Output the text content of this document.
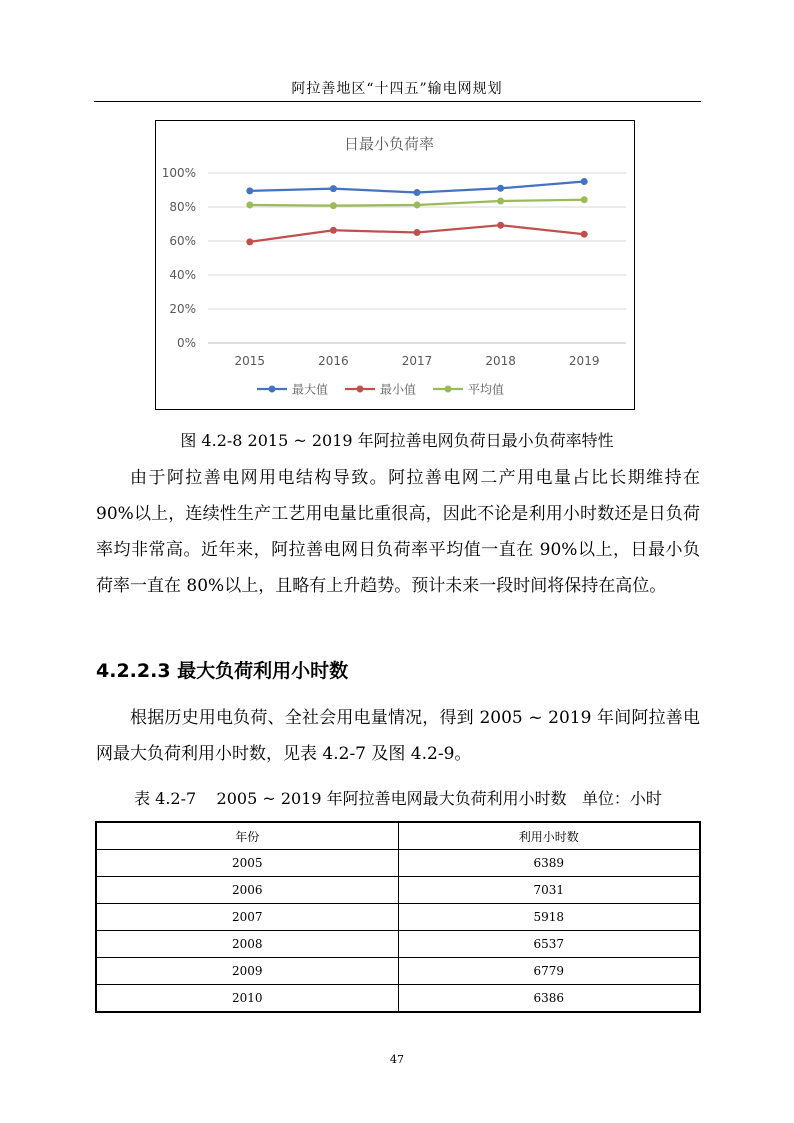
阿拉善地区“十四五”输电网规划
日最小负荷率
0%
20%
40%
60%
80%
100%
2015	2016	2017	2018	2019
最大值	最小值	平均值
图 4.2-8 2015 ~ 2019 年阿拉善电网负荷日最小负荷率特性

由于阿拉善电网用电结构导致。阿拉善电网二产用电量占比长期维持在 90%以上，连续性生产工艺用电量比重很高，因此不论是利用小时数还是日负荷率均非常高。近年来，阿拉善电网日负荷率平均值一直在 90%以上，日最小负荷率一直在 80%以上，且略有上升趋势。预计未来一段时间将保持在高位。

4.2.2.3 最大负荷利用小时数

根据历史用电负荷、全社会用电量情况，得到 2005 ~ 2019 年间阿拉善电网最大负荷利用小时数，见表 4.2-7 及图 4.2-9。

表 4.2-7    2005 ~ 2019 年阿拉善电网最大负荷利用小时数   单位：小时
年份	利用小时数
2005	6389
2006	7031
2007	5918
2008	6537
2009	6779
2010	6386
47
